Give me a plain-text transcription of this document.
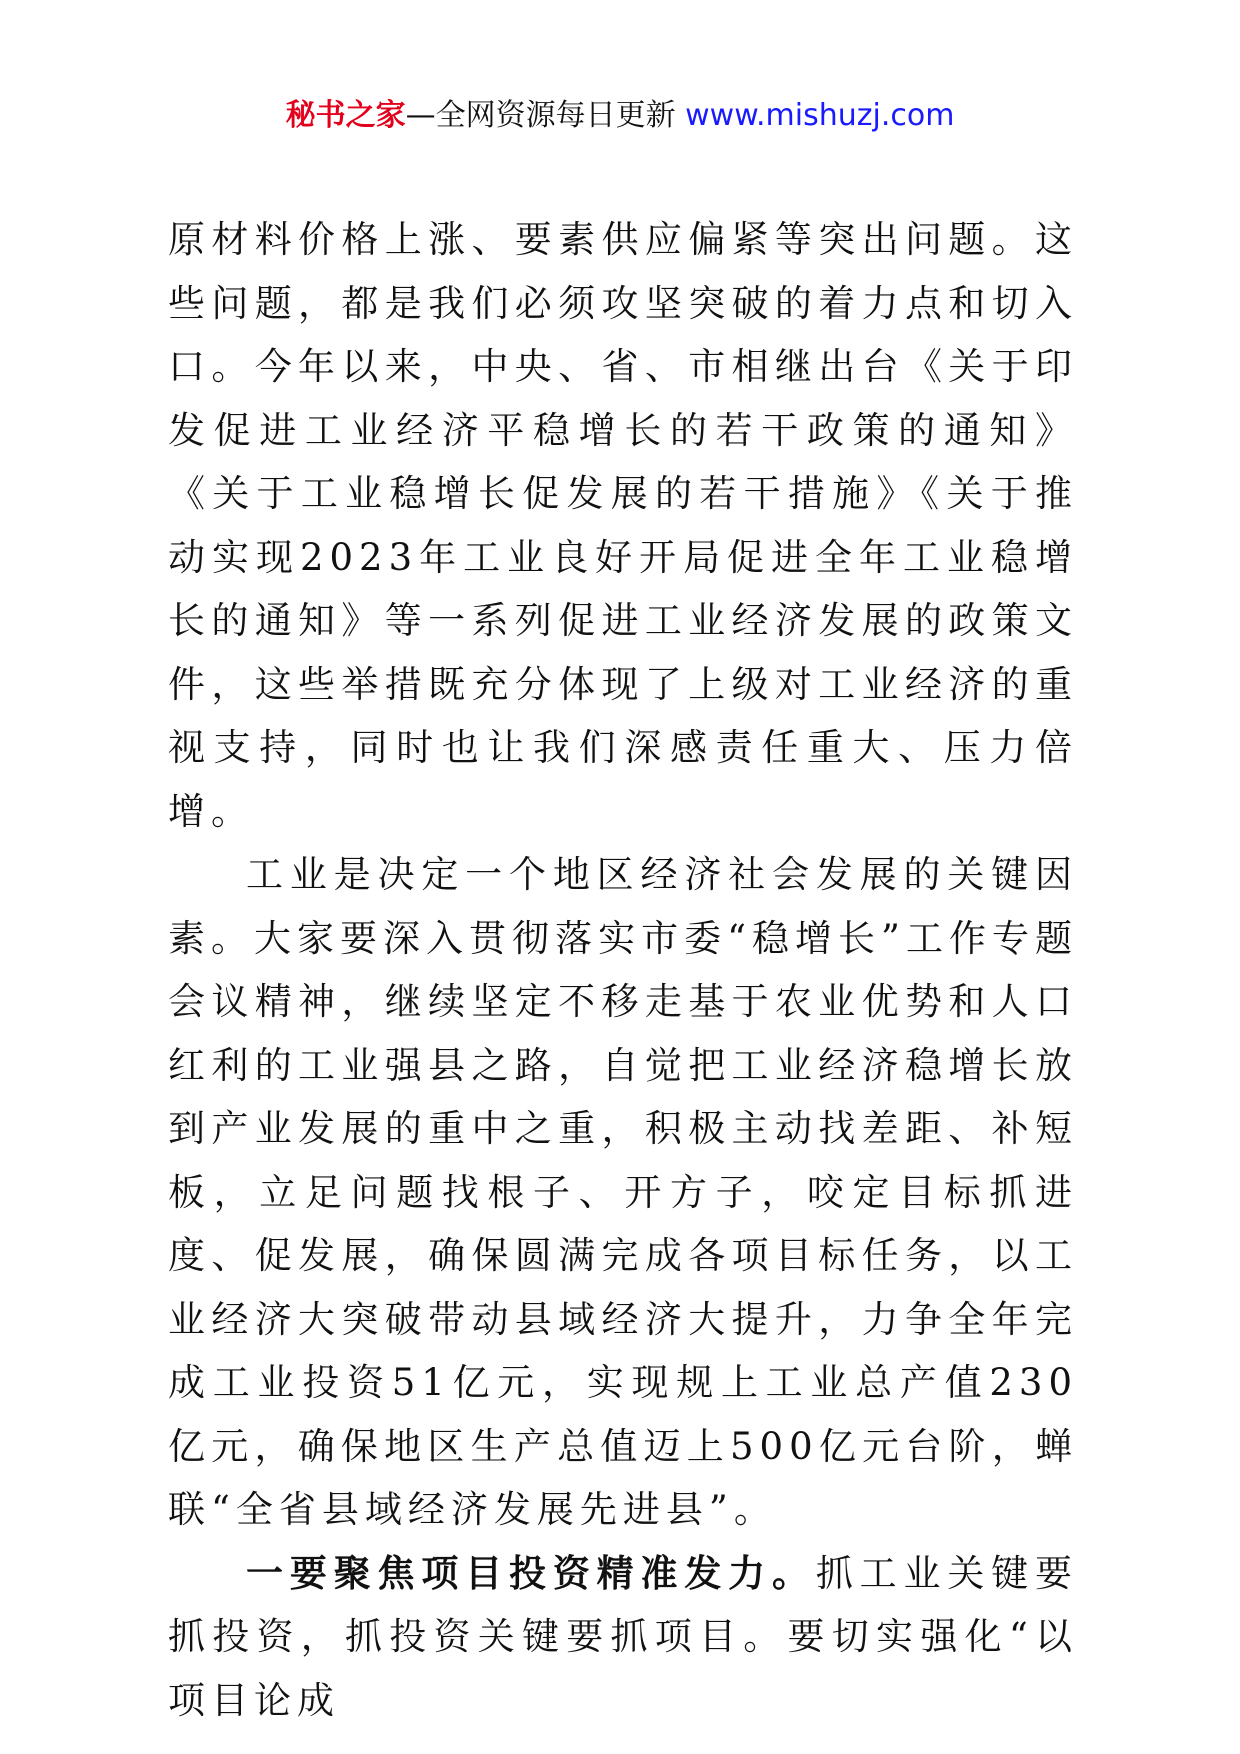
秘书之家—全网资源每日更新 www.mishuzj.com

原材料价格上涨、要素供应偏紧等突出问题。这些问题，都是我们必须攻坚突破的着力点和切入口。今年以来，中央、省、市相继出台《关于印发促进工业经济平稳增长的若干政策的通知》《关于工业稳增长促发展的若干措施》《关于推动实现2023年工业良好开局促进全年工业稳增长的通知》等一系列促进工业经济发展的政策文件，这些举措既充分体现了上级对工业经济的重视支持，同时也让我们深感责任重大、压力倍增。

工业是决定一个地区经济社会发展的关键因素。大家要深入贯彻落实市委“稳增长”工作专题会议精神，继续坚定不移走基于农业优势和人口红利的工业强县之路，自觉把工业经济稳增长放到产业发展的重中之重，积极主动找差距、补短板，立足问题找根子、开方子，咬定目标抓进度、促发展，确保圆满完成各项目标任务，以工业经济大突破带动县域经济大提升，力争全年完成工业投资51亿元，实现规上工业总产值230亿元，确保地区生产总值迈上500亿元台阶，蝉联“全省县域经济发展先进县”。

一要聚焦项目投资精准发力。抓工业关键要抓投资，抓投资关键要抓项目。要切实强化“以项目论成
